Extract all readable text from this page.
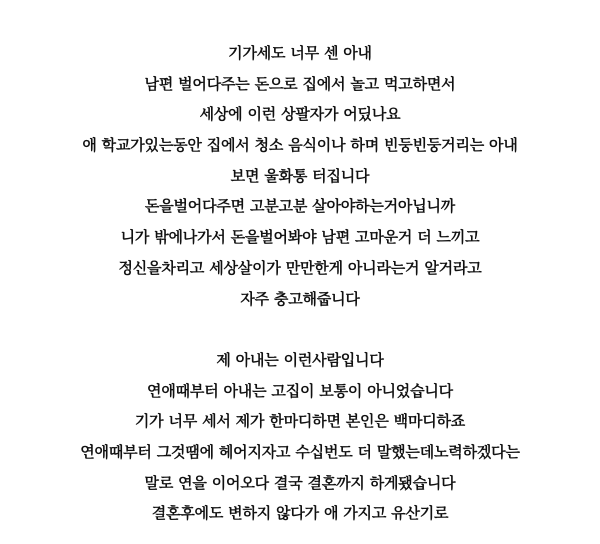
기가세도 너무 센 아내
남편 벌어다주는 돈으로 집에서 놀고 먹고하면서
세상에 이런 상팔자가 어딨나요
애 학교가있는동안 집에서 청소 음식이나 하며 빈둥빈둥거리는 아내
보면 울화통 터집니다
돈을벌어다주면 고분고분 살아야하는거아닙니까
니가 밖에나가서 돈을벌어봐야 남편 고마운거 더 느끼고
정신을차리고 세상살이가 만만한게 아니라는거 알거라고
자주 충고해줍니다
제 아내는 이런사람입니다
연애때부터 아내는 고집이 보통이 아니었습니다
기가 너무 세서 제가 한마디하면 본인은 백마디하죠
연애때부터 그것땜에 헤어지자고 수십번도 더 말했는데노력하겠다는
말로 연을 이어오다 결국 결혼까지 하게됐습니다
결혼후에도 변하지 않다가 애 가지고 유산기로
